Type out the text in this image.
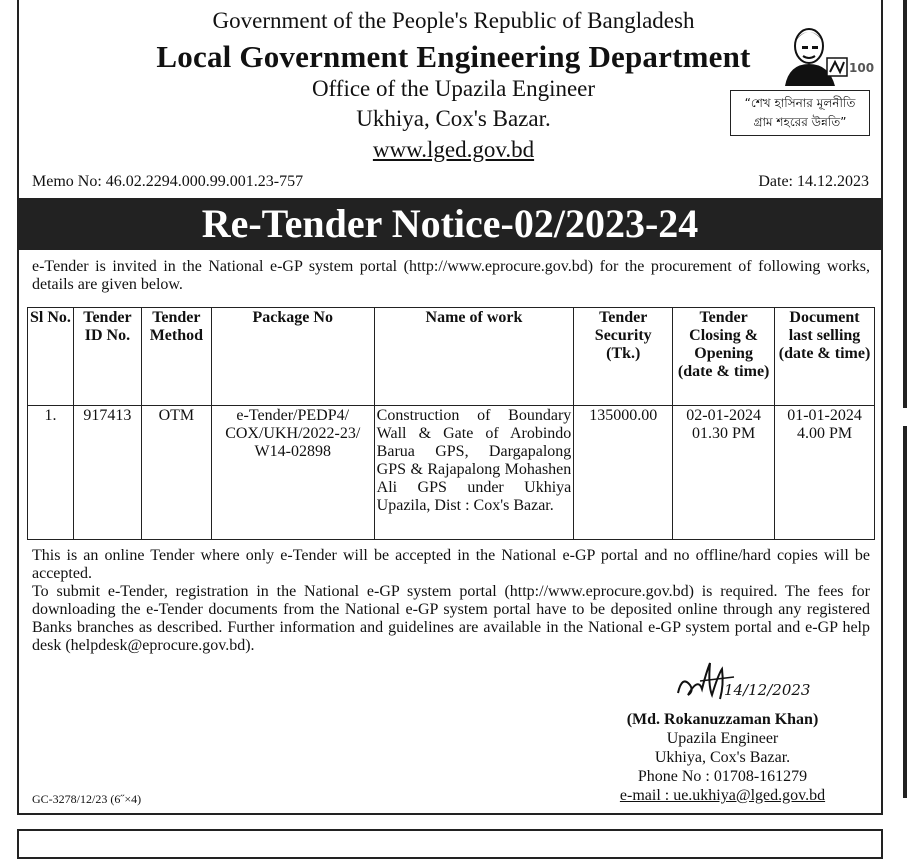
Government of the People's Republic of Bangladesh
Local Government Engineering Department
Office of the Upazila Engineer
Ukhiya, Cox's Bazar.
www.lged.gov.bd
100
“শেখ হাসিনার মূলনীতি
গ্রাম শহরের উন্নতি”
Memo No: 46.02.2294.000.99.001.23-757	Date: 14.12.2023
Re-Tender Notice-02/2023-24
e-Tender is invited in the National e-GP system portal (http://www.eprocure.gov.bd) for the procurement of following works, details are given below.
Sl No.	Tender ID No.	Tender Method	Package No	Name of work	Tender Security (Tk.)	Tender Closing & Opening (date & time)	Document last selling (date & time)
1.	917413	OTM	e-Tender/PEDP4/ COX/UKH/2022-23/ W14-02898	Construction of Boundary Wall & Gate of Arobindo Barua GPS, Dargapalong GPS & Rajapalong Mohashen Ali GPS under Ukhiya Upazila, Dist : Cox's Bazar.	135000.00	02-01-2024 01.30 PM	01-01-2024 4.00 PM

This is an online Tender where only e-Tender will be accepted in the National e-GP portal and no offline/hard copies will be accepted.

To submit e-Tender, registration in the National e-GP system portal (http://www.eprocure.gov.bd) is required. The fees for downloading the e-Tender documents from the National e-GP system portal have to be deposited online through any registered Banks branches as described. Further information and guidelines are available in the National e-GP system portal and e-GP help desk (helpdesk@eprocure.gov.bd).

14/12/2023
(Md. Rokanuzzaman Khan)
Upazila Engineer
Ukhiya, Cox's Bazar.
Phone No : 01708-161279
e-mail : ue.ukhiya@lged.gov.bd
GC-3278/12/23 (6˝×4)
